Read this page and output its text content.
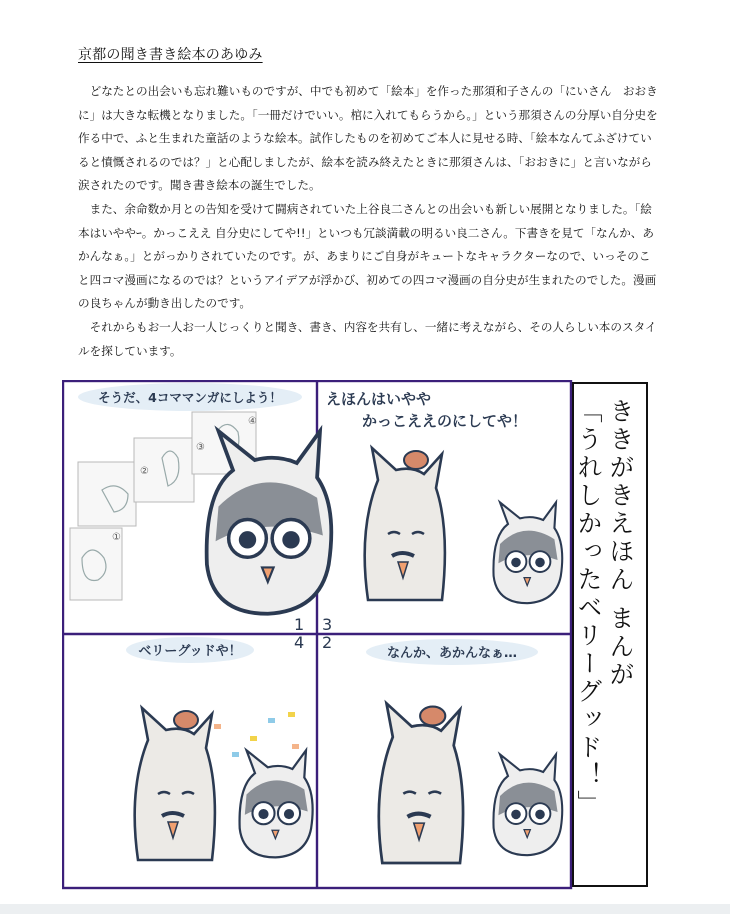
京都の聞き書き絵本のあゆみ

どなたとの出会いも忘れ難いものですが、中でも初めて「絵本」を作った那須和子さんの「にいさん　おおきに」は大きな転機となりました。「一冊だけでいい。棺に入れてもらうから。」という那須さんの分厚い自分史を作る中で、ふと生まれた童話のような絵本。試作したものを初めてご本人に見せる時、「絵本なんてふざけていると憤慨されるのでは？」と心配しましたが、絵本を読み終えたときに那須さんは、「おおきに」と言いながら涙されたのです。聞き書き絵本の誕生でした。

また、余命数か月との告知を受けて闘病されていた上谷良二さんとの出会いも新しい展開となりました。「絵本はいややｰ。かっこええ 自分史にしてや!!」といつも冗談満載の明るい良二さん。下書きを見て「なんか、あかんなぁ。」とがっかりされていたのです。が、あまりにご自身がキュートなキャラクターなので、いっそのこと四コマ漫画になるのでは？というアイデアが浮かび、初めての四コマ漫画の自分史が生まれたのでした。漫画の良ちゃんが動き出したのです。

それからもお一人お一人じっくりと聞き、書き、内容を共有し、一緒に考えながら、その人らしい本のスタイルを探しています。

そうだ、4コママンガにしよう！
①
②
③
④
1
えほんはいやや
かっこええのにしてや！
3
ベリーグッドや！	4
なんか、あかんなぁ…
2	ききがきえほん まんが
「うれしかったベリーグッド！」
